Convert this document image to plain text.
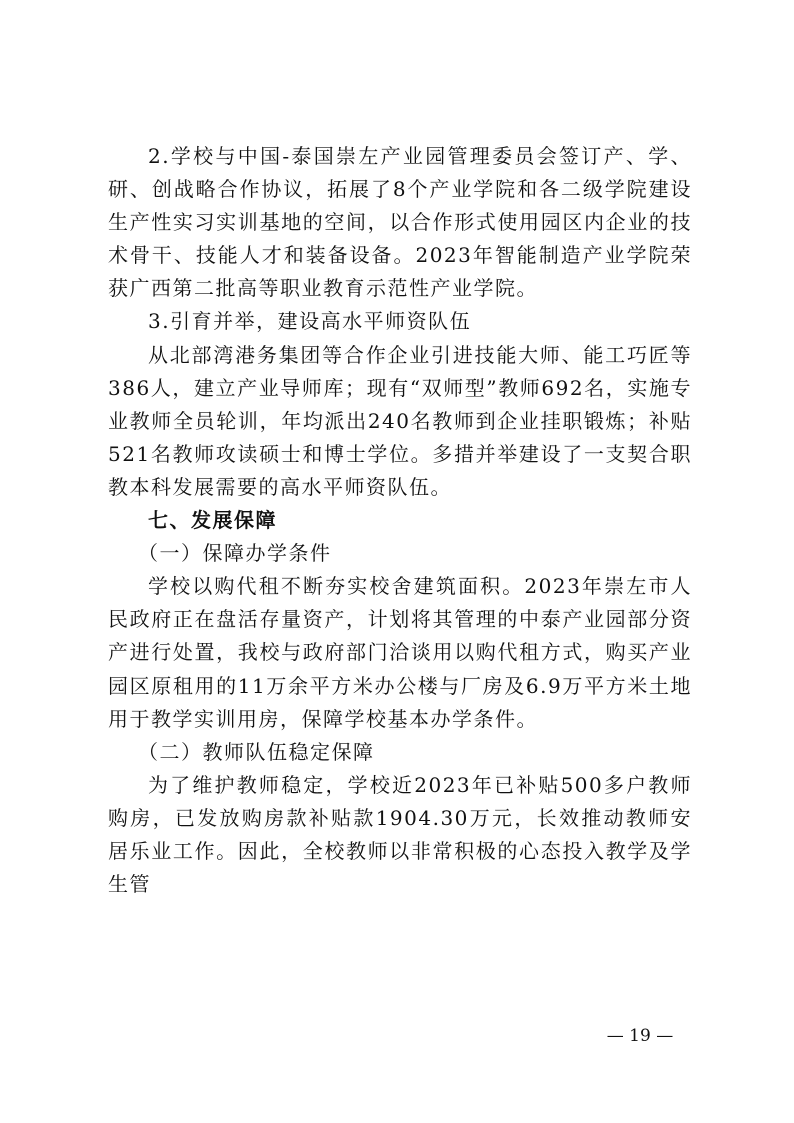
2.学校与中国-泰国崇左产业园管理委员会签订产、学、研、创战略合作协议，拓展了8个产业学院和各二级学院建设生产性实习实训基地的空间，以合作形式使用园区内企业的技术骨干、技能人才和装备设备。2023年智能制造产业学院荣获广西第二批高等职业教育示范性产业学院。

3.引育并举，建设高水平师资队伍

从北部湾港务集团等合作企业引进技能大师、能工巧匠等386人，建立产业导师库；现有“双师型”教师692名，实施专业教师全员轮训，年均派出240名教师到企业挂职锻炼；补贴521名教师攻读硕士和博士学位。多措并举建设了一支契合职教本科发展需要的高水平师资队伍。

七、发展保障

（一）保障办学条件

学校以购代租不断夯实校舍建筑面积。2023年崇左市人民政府正在盘活存量资产，计划将其管理的中泰产业园部分资产进行处置，我校与政府部门洽谈用以购代租方式，购买产业园区原租用的11万余平方米办公楼与厂房及6.9万平方米土地用于教学实训用房，保障学校基本办学条件。

（二）教师队伍稳定保障

为了维护教师稳定，学校近2023年已补贴500多户教师购房，已发放购房款补贴款1904.30万元，长效推动教师安居乐业工作。因此，全校教师以非常积极的心态投入教学及学生管

— 19 —
